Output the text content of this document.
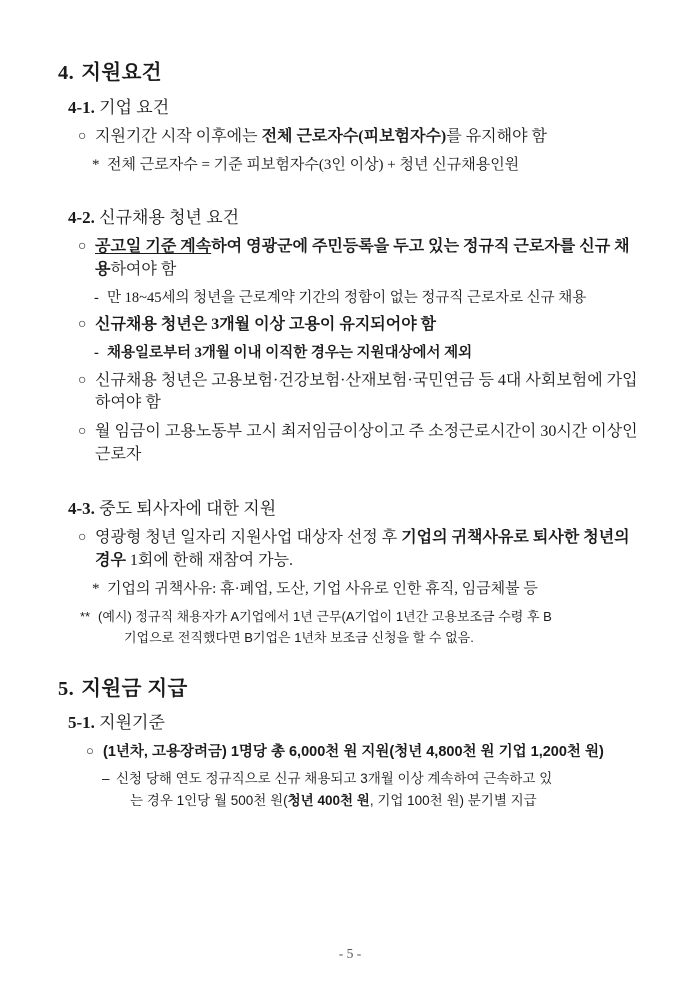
4. 지원요건
4-1. 기업 요건
○ 지원기간 시작 이후에는 전체 근로자수(피보험자수)를 유지해야 함
* 전체 근로자수 = 기준 피보험자수(3인 이상) + 청년 신규채용인원
4-2. 신규채용 청년 요건
○ 공고일 기준 계속하여 영광군에 주민등록을 두고 있는 정규직 근로자를 신규 채용하여야 함
- 만 18~45세의 청년을 근로계약 기간의 정함이 없는 정규직 근로자로 신규 채용
○ 신규채용 청년은 3개월 이상 고용이 유지되어야 함
- 채용일로부터 3개월 이내 이직한 경우는 지원대상에서 제외
○ 신규채용 청년은 고용보험·건강보험·산재보험·국민연금 등 4대 사회보험에 가입하여야 함
○ 월 임금이 고용노동부 고시 최저임금이상이고 주 소정근로시간이 30시간 이상인 근로자
4-3. 중도 퇴사자에 대한 지원
○ 영광형 청년 일자리 지원사업 대상자 선정 후 기업의 귀책사유로 퇴사한 청년의 경우 1회에 한해 재참여 가능.
* 기업의 귀책사유: 휴·폐업, 도산, 기업 사유로 인한 휴직, 임금체불 등
** (예시) 정규직 채용자가 A기업에서 1년 근무(A기업이 1년간 고용보조금 수령 후 B
기업으로 전직했다면 B기업은 1년차 보조금 신청을 할 수 없음.
5. 지원금 지급
5-1. 지원기준
○ (1년차, 고용장려금) 1명당 총 6,000천 원 지원(청년 4,800천 원 기업 1,200천 원)
– 신청 당해 연도 정규직으로 신규 채용되고 3개월 이상 계속하여 근속하고 있
는 경우 1인당 월 500천 원(청년 400천 원, 기업 100천 원) 분기별 지급
- 5 -
